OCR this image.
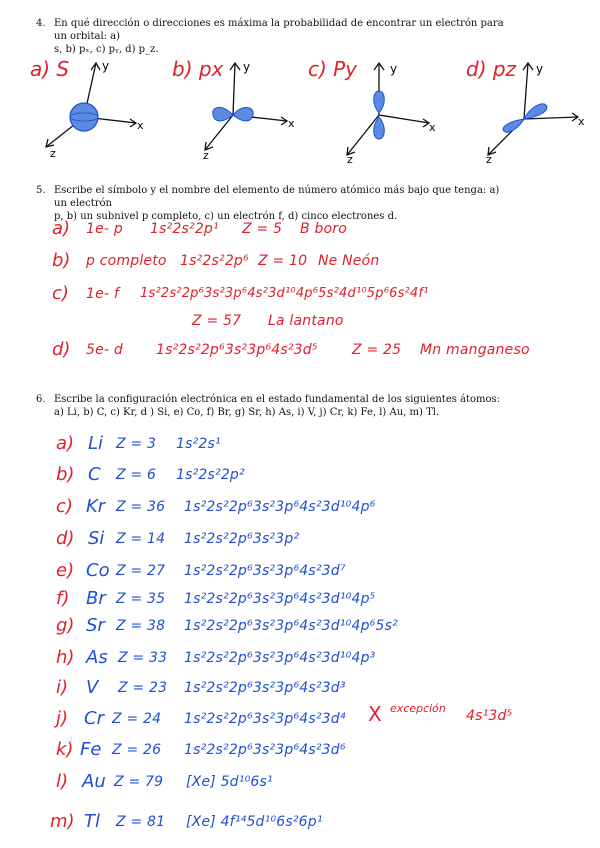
4. En qué dirección o direcciones es máxima la probabilidad de encontrar un electrón para un orbital: a)
s, b) pₓ, c) pᵧ, d) p_z.
a) S	b) px	c) Py	d) pz
y
x
z
y
x
z
y
x
z
y
x
z
5. Escribe el símbolo y el nombre del elemento de número atómico más bajo que tenga: a) un electrón
p, b) un subnivel p completo, c) un electrón f, d) cinco electrones d.
a) 1e- p 1s²2s²2p¹ Z = 5 B boro
b) p completo 1s²2s²2p⁶ Z = 10 Ne Neón
c) 1e- f 1s²2s²2p⁶3s²3p⁶4s²3d¹⁰4p⁶5s²4d¹⁰5p⁶6s²4f¹
Z = 57 La lantano
d) 5e- d 1s²2s²2p⁶3s²3p⁶4s²3d⁵ Z = 25 Mn manganeso
6. Escribe la configuración electrónica en el estado fundamental de los siguientes átomos:
a) Li, b) C, c) Kr, d ) Si, e) Co, f) Br, g) Sr, h) As, i) V, j) Cr, k) Fe, l) Au, m) Tl.
a) Li Z = 3 1s²2s¹
b) C Z = 6 1s²2s²2p²
c) Kr Z = 36 1s²2s²2p⁶3s²3p⁶4s²3d¹⁰4p⁶
d) Si Z = 14 1s²2s²2p⁶3s²3p²
e) Co Z = 27 1s²2s²2p⁶3s²3p⁶4s²3d⁷
f) Br Z = 35 1s²2s²2p⁶3s²3p⁶4s²3d¹⁰4p⁵
g) Sr Z = 38 1s²2s²2p⁶3s²3p⁶4s²3d¹⁰4p⁶5s²
h) As Z = 33 1s²2s²2p⁶3s²3p⁶4s²3d¹⁰4p³
i) V Z = 23 1s²2s²2p⁶3s²3p⁶4s²3d³
j) Cr Z = 24 1s²2s²2p⁶3s²3p⁶4s²3d⁴ X excepción 4s¹3d⁵
k) Fe Z = 26 1s²2s²2p⁶3s²3p⁶4s²3d⁶
l) Au Z = 79 [Xe] 5d¹⁰6s¹
m) Tl Z = 81 [Xe] 4f¹⁴5d¹⁰6s²6p¹
